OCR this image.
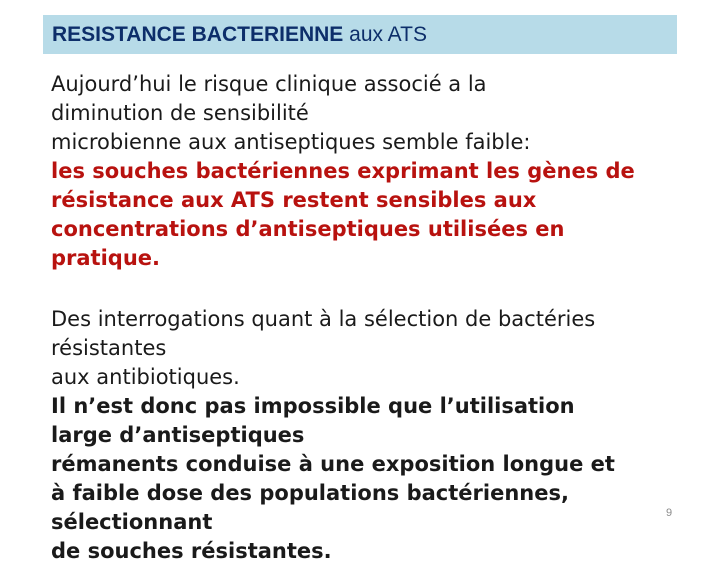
RESISTANCE BACTERIENNE aux ATS

Aujourd’hui le risque clinique associé a la
diminution de sensibilité
microbienne aux antiseptiques semble faible:
les souches bactériennes exprimant les gènes de
résistance aux ATS restent sensibles aux
concentrations d’antiseptiques utilisées en
pratique.

Des interrogations quant à la sélection de bactéries
résistantes
aux antibiotiques.
Il n’est donc pas impossible que l’utilisation
large d’antiseptiques
rémanents conduise à une exposition longue et
à faible dose des populations bactériennes,
sélectionnant
de souches résistantes.

9
